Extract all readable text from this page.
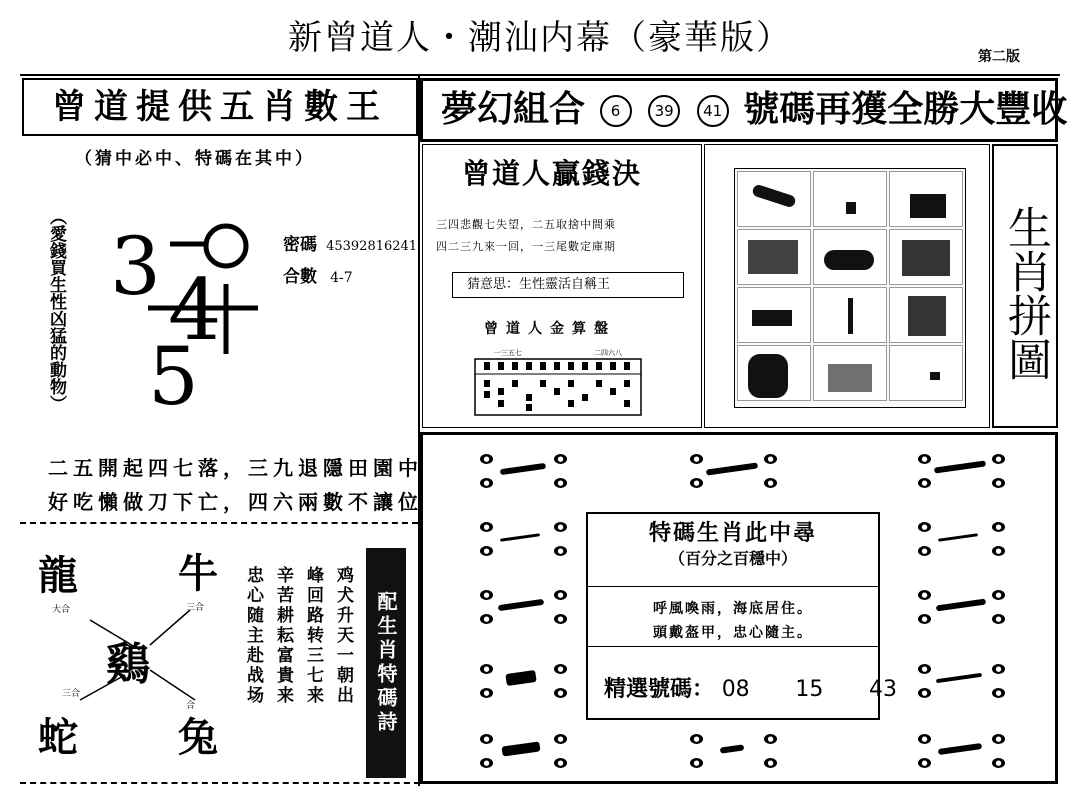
新曾道人・潮汕内幕（豪華版）	第二版
曾道提供五肖數王
（猜中必中、特碼在其中）
（愛錢買生性凶猛的動物） 3 4
5
密碼 45392816241
合數 4-7
二五開起四七落，三九退隱田園中
好吃懶做刀下亡，四六兩數不讓位
龍	牛
鷄
蛇	兔
大合	三合
三合
合	鸡犬升天一朝出
峰回路转三七来
辛苦耕耘富貴来
忠心随主赴战场	配生肖特碼詩
夢幻組合 6 39 41 號碼再獲全勝大豐收
曾道人贏錢決
三四悲觀七失望，二五取捨中間乘
四二三九來一回，一三尾數定庫期
猜意思：生性靈活自稱王
曾道人金算盤
一三五七	二四六八	生肖拼圖
●	●
●	●
●	●
●	●
●	●
●	●
●	●
●	●
●	●
●	●
●	●
●	●
●	●
●	●
●	●
●	●
●	●
●	●
●	●
●	●
●	●
●	●
●	●
●	●
特碼生肖此中尋
（百分之百穩中）
呼風喚雨，海底居住。
頭戴盔甲，忠心隨主。
精選號碼： 08 15 43
